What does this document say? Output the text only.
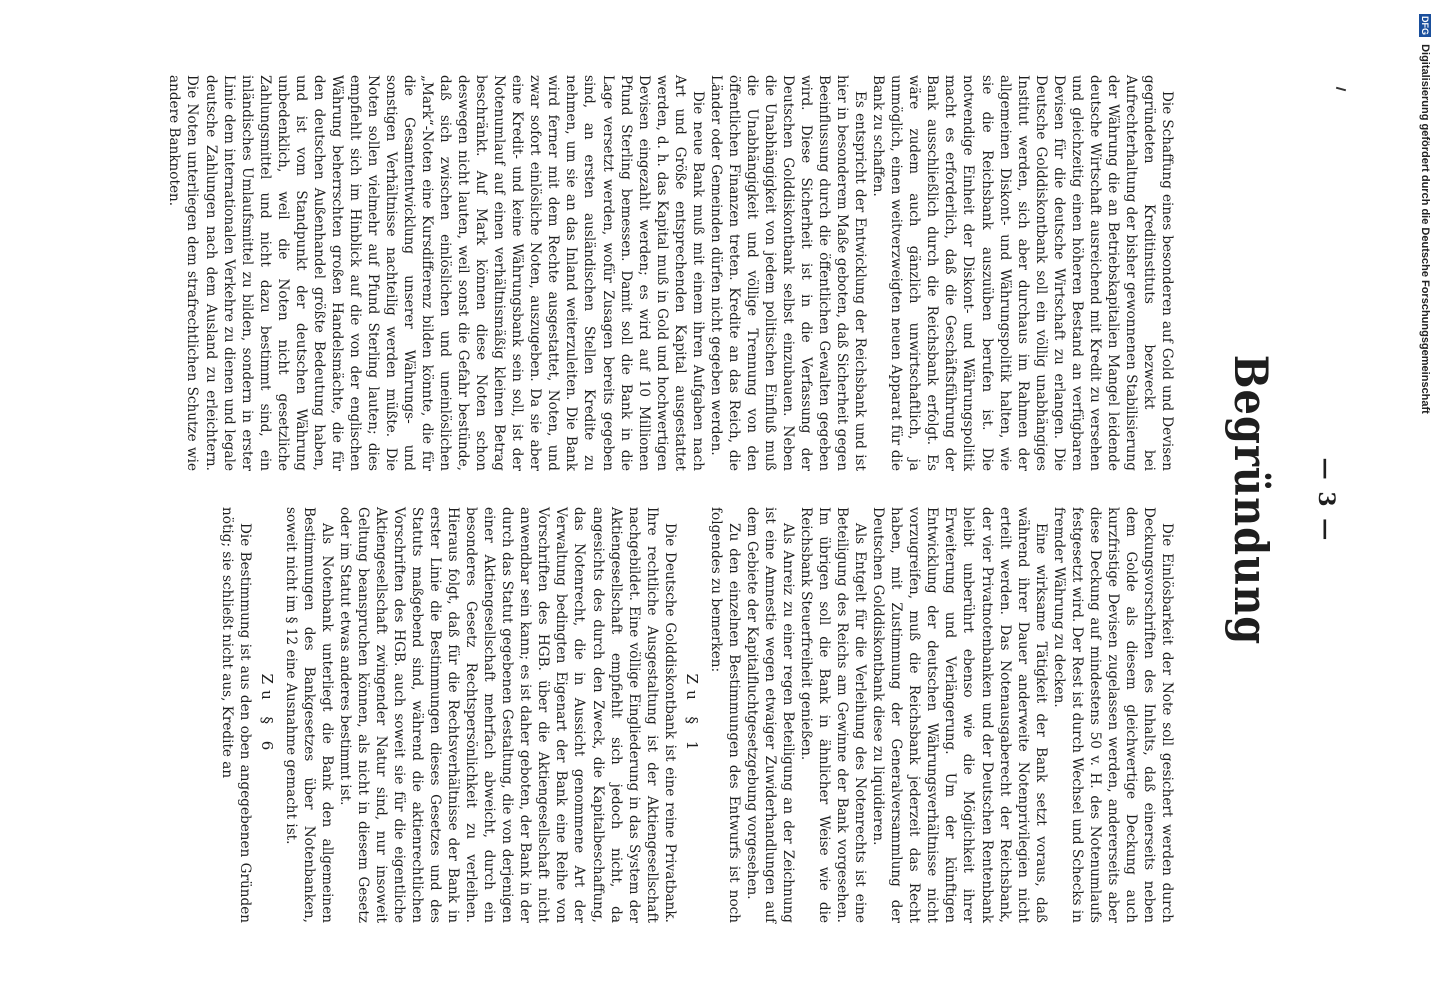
— 3 —
Begründung

Die Schaffung eines besonderen auf Gold und Devisen gegründeten Kreditinstituts bezweckt bei Aufrechterhaltung der bisher gewonnenen Stabilisierung der Währung die an Betriebskapitalien Mangel leidende deutsche Wirtschaft ausreichend mit Kredit zu versehen und gleichzeitig einen höheren Bestand an verfügbaren Devisen für die deutsche Wirtschaft zu erlangen. Die Deutsche Golddiskontbank soll ein völlig unabhängiges Institut werden, sich aber durchaus im Rahmen der allgemeinen Diskont- und Währungspolitik halten, wie sie die Reichsbank auszuüben berufen ist. Die notwendige Einheit der Diskont- und Währungspolitik macht es erforderlich, daß die Geschäftsführung der Bank ausschließlich durch die Reichsbank erfolgt. Es wäre zudem auch gänzlich unwirtschaftlich, ja unmöglich, einen weitverzweigten neuen Apparat für die Bank zu schaffen.

Es entspricht der Entwicklung der Reichsbank und ist hier in besonderem Maße geboten, daß Sicherheit gegen Beeinflussung durch die öffentlichen Gewalten gegeben wird. Diese Sicherheit ist in die Verfassung der Deutschen Golddiskontbank selbst einzubauen. Neben die Unabhängigkeit von jedem politischen Einfluß muß die Unabhängigkeit und völlige Trennung von den öffentlichen Finanzen treten. Kredite an das Reich, die Länder oder Gemeinden dürfen nicht gegeben werden.

Die neue Bank muß mit einem ihren Aufgaben nach Art und Größe entsprechenden Kapital ausgestattet werden, d. h. das Kapital muß in Gold und hochwertigen Devisen eingezahlt werden; es wird auf 10 Millionen Pfund Sterling bemessen. Damit soll die Bank in die Lage versetzt werden, wofür Zusagen bereits gegeben sind, an ersten ausländischen Stellen Kredite zu nehmen, um sie an das Inland weiterzuleiten. Die Bank wird ferner mit dem Rechte ausgestattet, Noten, und zwar sofort einlösliche Noten, auszugeben. Da sie aber eine Kredit- und keine Währungsbank sein soll, ist der Notenumlauf auf einen verhältnismäßig kleinen Betrag beschränkt. Auf Mark können diese Noten schon deswegen nicht lauten, weil sonst die Gefahr bestünde, daß sich zwischen einlöslichen und uneinlöslichen „Mark“-Noten eine Kursdifferenz bilden könnte, die für die Gesamtentwicklung unserer Währungs- und sonstigen Verhältnisse nachteilig werden müßte. Die Noten sollen vielmehr auf Pfund Sterling lauten; dies empfiehlt sich im Hinblick auf die von der englischen Währung beherrschten großen Handelsmächte, die für den deutschen Außenhandel größte Bedeutung haben, und ist vom Standpunkt der deutschen Währung unbedenklich, weil die Noten nicht gesetzliche Zahlungsmittel und nicht dazu bestimmt sind, ein inländisches Umlaufsmittel zu bilden, sondern in erster Linie dem internationalen Verkehre zu dienen und legale deutsche Zahlungen nach dem Ausland zu erleichtern. Die Noten unterliegen dem strafrechtlichen Schutze wie andere Banknoten.

Die Einlösbarkeit der Note soll gesichert werden durch Deckungsvorschriften des Inhalts, daß einerseits neben dem Golde als diesem gleichwertige Deckung auch kurzfristige Devisen zugelassen werden, andererseits aber diese Deckung auf mindestens 50 v. H. des Notenumlaufs festgesetzt wird. Der Rest ist durch Wechsel und Schecks in fremder Währung zu decken.

Eine wirksame Tätigkeit der Bank setzt voraus, daß während ihrer Dauer anderweite Notenprivilegien nicht erteilt werden. Das Notenausgaberecht der Reichsbank, der vier Privatnotenbanken und der Deutschen Rentenbank bleibt unberührt ebenso wie die Möglichkeit ihrer Erweiterung und Verlängerung. Um der künftigen Entwicklung der deutschen Währungsverhältnisse nicht vorzugreifen, muß die Reichsbank jederzeit das Recht haben, mit Zustimmung der Generalversammlung der Deutschen Golddiskontbank diese zu liquidieren.

Als Entgelt für die Verleihung des Notenrechts ist eine Beteiligung des Reichs am Gewinne der Bank vorgesehen. Im übrigen soll die Bank in ähnlicher Weise wie die Reichsbank Steuerfreiheit genießen.

Als Anreiz zu einer regen Beteiligung an der Zeichnung ist eine Amnestie wegen etwaiger Zuwiderhandlungen auf dem Gebiete der Kapitalfluchtgesetzgebung vorgesehen.

Zu den einzelnen Bestimmungen des Entwurfs ist noch folgendes zu bemerken:

Zu § 1

Die Deutsche Golddiskontbank ist eine reine Privatbank. Ihre rechtliche Ausgestaltung ist der Aktiengesellschaft nachgebildet. Eine völlige Eingliederung in das System der Aktiengesellschaft empfiehlt sich jedoch nicht, da angesichts des durch den Zweck, die Kapitalbeschaffung, das Notenrecht, die in Aussicht genommene Art der Verwaltung bedingten Eigenart der Bank eine Reihe von Vorschriften des HGB. über die Aktiengesellschaft nicht anwendbar sein kann; es ist daher geboten, der Bank in der durch das Statut gegebenen Gestaltung, die von derjenigen einer Aktiengesellschaft mehrfach abweicht, durch ein besonderes Gesetz Rechtspersönlichkeit zu verleihen. Hieraus folgt, daß für die Rechtsverhältnisse der Bank in erster Linie die Bestimmungen dieses Gesetzes und des Statuts maßgebend sind, während die aktienrechtlichen Vorschriften des HGB. auch soweit sie für die eigentliche Aktiengesellschaft zwingender Natur sind, nur insoweit Geltung beanspruchen können, als nicht in diesem Gesetz oder im Statut etwas anderes bestimmt ist.

Als Notenbank unterliegt die Bank den allgemeinen Bestimmungen des Bankgesetzes über Notenbanken, soweit nicht im § 12 eine Ausnahme gemacht ist.

Zu § 6

Die Bestimmung ist aus den oben angegebenen Gründen nötig; sie schließt nicht aus, Kredite an

DFG Digitalisierung gefördert durch die Deutsche Forschungsgemeinschaft
